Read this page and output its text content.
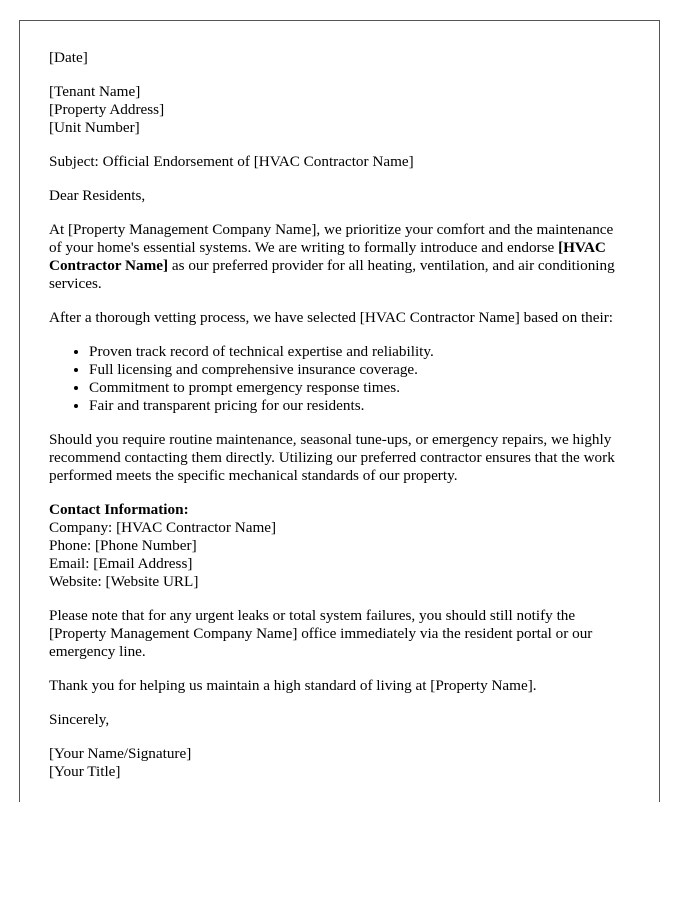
[Date]

[Tenant Name]
[Property Address]
[Unit Number]

Subject: Official Endorsement of [HVAC Contractor Name]

Dear Residents,

At [Property Management Company Name], we prioritize your comfort and the maintenance of your home's essential systems. We are writing to formally introduce and endorse [HVAC Contractor Name] as our preferred provider for all heating, ventilation, and air conditioning services.

After a thorough vetting process, we have selected [HVAC Contractor Name] based on their:

• Proven track record of technical expertise and reliability.
• Full licensing and comprehensive insurance coverage.
• Commitment to prompt emergency response times.
• Fair and transparent pricing for our residents.

Should you require routine maintenance, seasonal tune-ups, or emergency repairs, we highly recommend contacting them directly. Utilizing our preferred contractor ensures that the work performed meets the specific mechanical standards of our property.

Contact Information:
Company: [HVAC Contractor Name]
Phone: [Phone Number]
Email: [Email Address]
Website: [Website URL]

Please note that for any urgent leaks or total system failures, you should still notify the [Property Management Company Name] office immediately via the resident portal or our emergency line.

Thank you for helping us maintain a high standard of living at [Property Name].

Sincerely,

[Your Name/Signature]
[Your Title]
